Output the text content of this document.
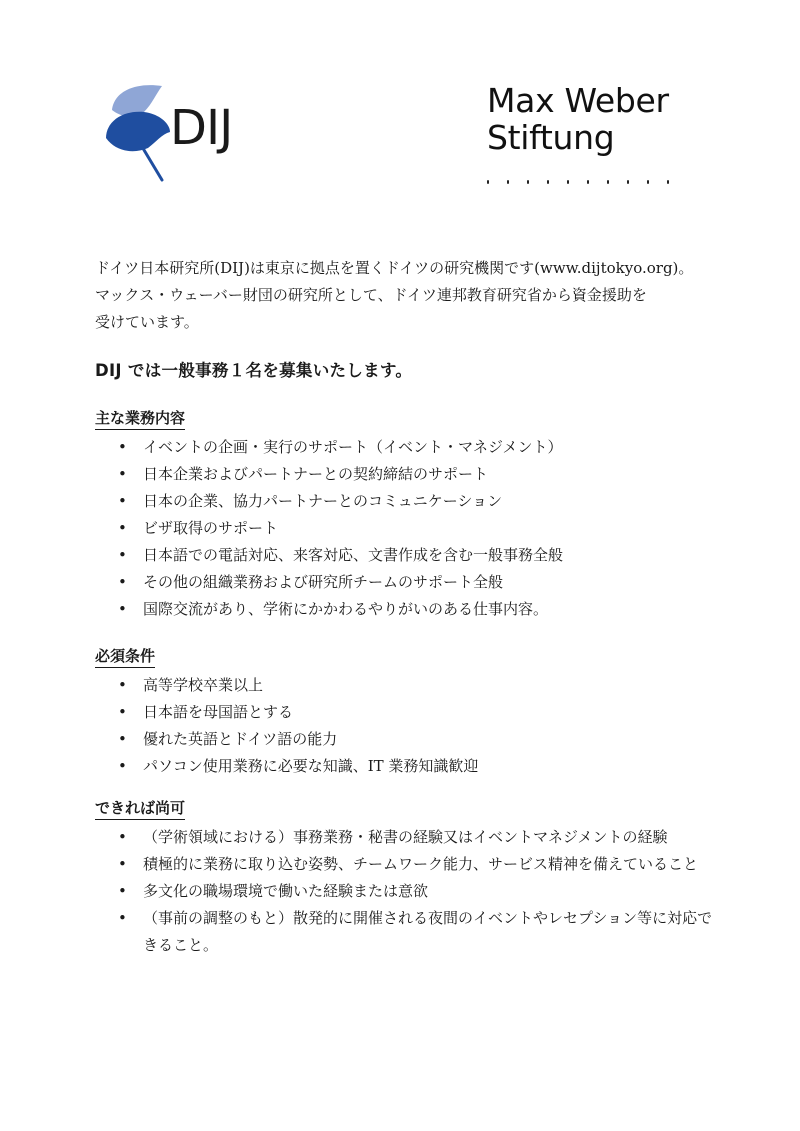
DIJ	Max Weber
Stiftung

ドイツ日本研究所(DIJ)は東京に拠点を置くドイツの研究機関です(www.dijtokyo.org)。

マックス・ウェーバー財団の研究所として、ドイツ連邦教育研究省から資金援助を

受けています。

DIJ では一般事務１名を募集いたします。
主な業務内容
• イベントの企画・実行のサポート（イベント・マネジメント）
• 日本企業およびパートナーとの契約締結のサポート
• 日本の企業、協力パートナーとのコミュニケーション
• ビザ取得のサポート
• 日本語での電話対応、来客対応、文書作成を含む一般事務全般
• その他の組織業務および研究所チームのサポート全般
• 国際交流があり、学術にかかわるやりがいのある仕事内容。
必須条件
• 高等学校卒業以上
• 日本語を母国語とする
• 優れた英語とドイツ語の能力
• パソコン使用業務に必要な知識、IT 業務知識歓迎
できれば尚可
• （学術領域における）事務業務・秘書の経験又はイベントマネジメントの経験
• 積極的に業務に取り込む姿勢、チームワーク能力、サービス精神を備えていること
• 多文化の職場環境で働いた経験または意欲
• （事前の調整のもと）散発的に開催される夜間のイベントやレセプション等に対応できること。
